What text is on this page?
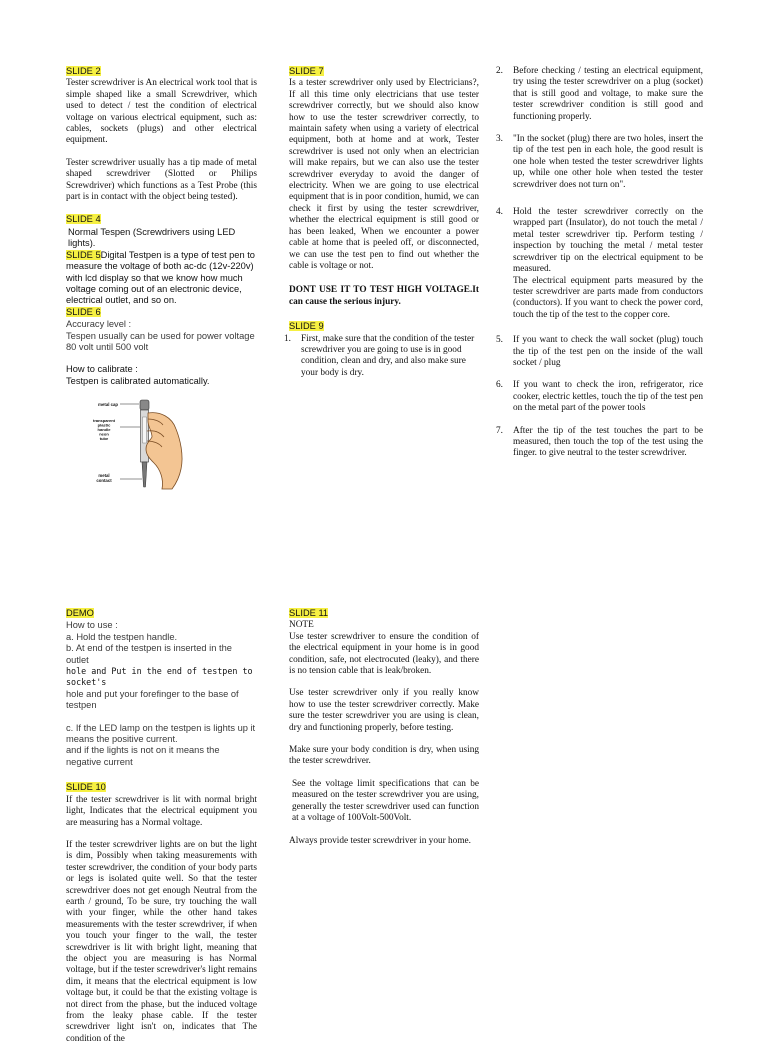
SLIDE 2

Tester screwdriver is An electrical work tool that is simple shaped like a small Screwdriver, which used to detect / test the condition of electrical voltage on various electrical equipment, such as: cables, sockets (plugs) and other electrical equipment.

Tester screwdriver usually has a tip made of metal shaped screwdriver (Slotted or Philips Screwdriver) which functions as a Test Probe (this part is in contact with the object being tested).

SLIDE 4

Normal Tespen (Screwdrivers using LED lights).

SLIDE 5Digital Testpen is a type of test pen to measure the voltage of both ac-dc (12v-220v) with lcd display so that we know how much voltage coming out of an electronic device, electrical outlet, and so on.

SLIDE 6

Accuracy level :

Tespen usually can be used for power voltage 80 volt until 500 volt

How to calibrate :

Testpen is calibrated automatically.

metal cap
transparent plastic handle neon tube
metal contact
SLIDE 7

Is a tester screwdriver only used by Electricians?, If all this time only electricians that use tester screwdriver correctly, but we should also know how to use the tester screwdriver correctly, to maintain safety when using a variety of electrical equipment, both at home and at work, Tester screwdriver is used not only when an electrician will make repairs, but we can also use the tester screwdriver everyday to avoid the danger of electricity. When we are going to use electrical equipment that is in poor condition, humid, we can check it first by using the tester screwdriver, whether the electrical equipment is still good or has been leaked, When we encounter a power cable at home that is peeled off, or disconnected, we can use the test pen to find out whether the cable is voltage or not.

DONT USE IT TO TEST HIGH VOLTAGE.It can cause the serious injury.

SLIDE 9
1. First, make sure that the condition of the tester screwdriver you are going to use is in good condition, clean and dry, and also make sure your body is dry.

2. Before checking / testing an electrical equipment, try using the tester screwdriver on a plug (socket) that is still good and voltage, to make sure the tester screwdriver condition is still good and functioning properly.

3. "In the socket (plug) there are two holes, insert the tip of the test pen in each hole, the good result is one hole when tested the tester screwdriver lights up, while one other hole when tested the tester screwdriver does not turn on".

4. Hold the tester screwdriver correctly on the wrapped part (Insulator), do not touch the metal / metal tester screwdriver tip. Perform testing / inspection by touching the metal / metal tester screwdriver tip on the electrical equipment to be measured.

The electrical equipment parts measured by the tester screwdriver are parts made from conductors (conductors). If you want to check the power cord, touch the tip of the test to the copper core.

5. If you want to check the wall socket (plug) touch the tip of the test pen on the inside of the wall socket / plug

6. If you want to check the iron, refrigerator, rice cooker, electric kettles, touch the tip of the test pen on the metal part of the power tools

7. After the tip of the test touches the part to be measured, then touch the top of the test using the finger. to give neutral to the tester screwdriver.

DEMO

How to use :

a. Hold the testpen handle.

b. At end of the testpen is inserted in the outlet

hole and Put in the end of testpen to socket's

hole and put your forefinger to the base of testpen

c. If the LED lamp on the testpen is lights up it means the positive current.

and if the lights is not on it means the negative current

SLIDE 10

If the tester screwdriver is lit with normal bright light, Indicates that the electrical equipment you are measuring has a Normal voltage.

If the tester screwdriver lights are on but the light is dim, Possibly when taking measurements with tester screwdriver, the condition of your body parts or legs is isolated quite well. So that the tester screwdriver does not get enough Neutral from the earth / ground, To be sure, try touching the wall with your finger, while the other hand takes measurements with the tester screwdriver, if when you touch your finger to the wall, the tester screwdriver is lit with bright light, meaning that the object you are measuring is has Normal voltage, but if the tester screwdriver's light remains dim, it means that the electrical equipment is low voltage but, it could be that the existing voltage is not direct from the phase, but the induced voltage from the leaky phase cable. If the tester screwdriver light isn't on, indicates that The condition of the

SLIDE 11

NOTE

Use tester screwdriver to ensure the condition of the electrical equipment in your home is in good condition, safe, not electrocuted (leaky), and there is no tension cable that is leak/broken.

Use tester screwdriver only if you really know how to use the tester screwdriver correctly. Make sure the tester screwdriver you are using is clean, dry and functioning properly, before testing.

Make sure your body condition is dry, when using the tester screwdriver.

See the voltage limit specifications that can be measured on the tester screwdriver you are using, generally the tester screwdriver used can function at a voltage of 100Volt-500Volt.

Always provide tester screwdriver in your home.
